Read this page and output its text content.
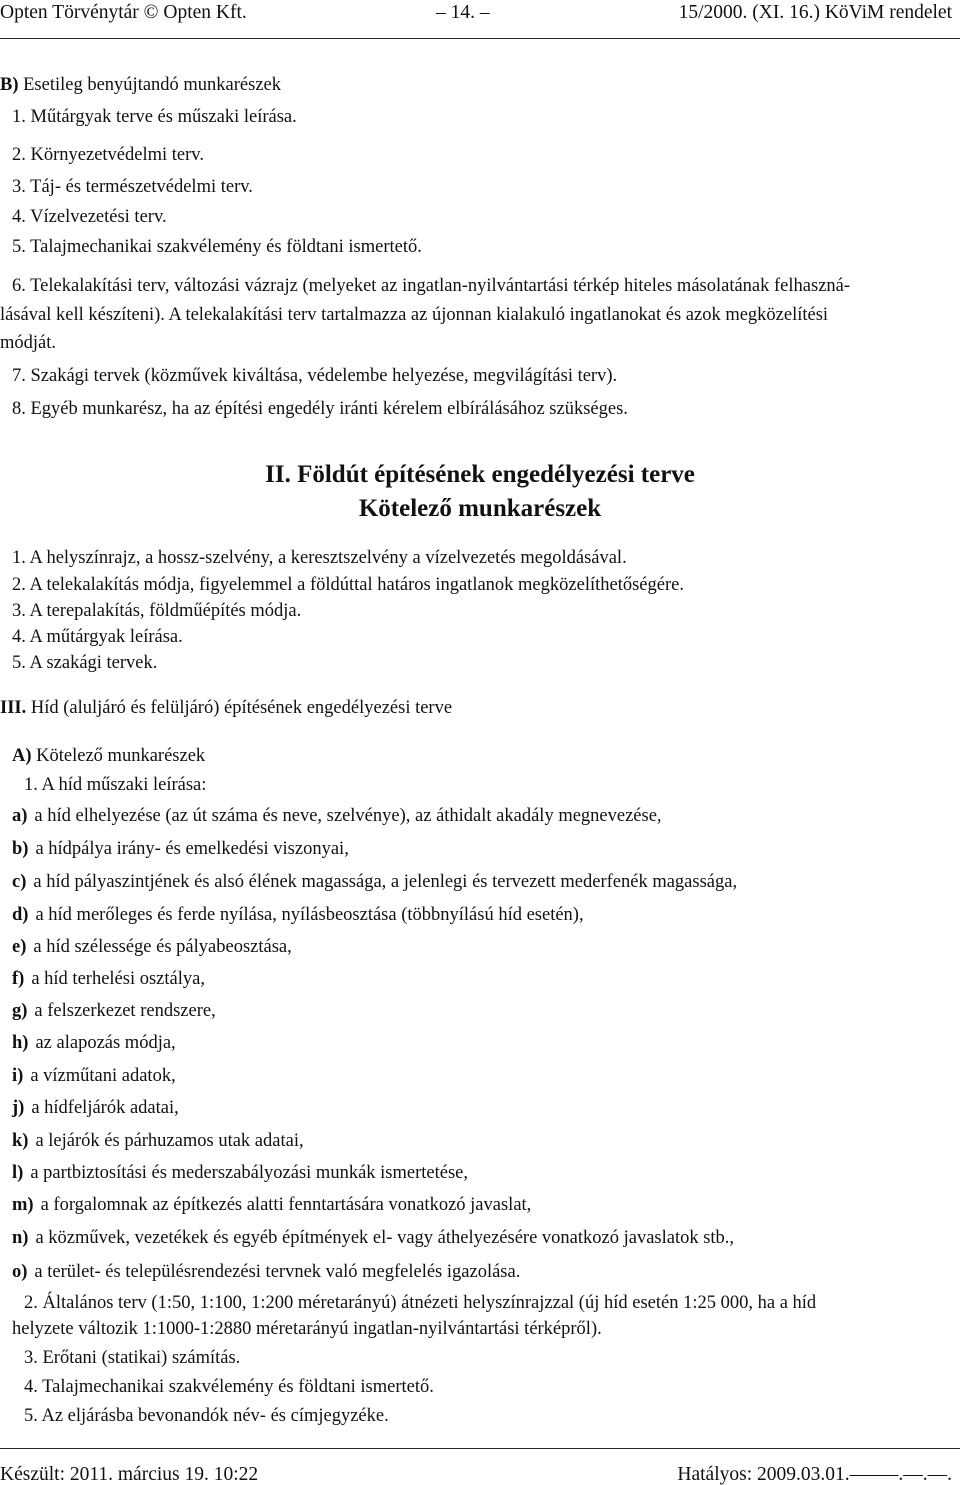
Opten Törvénytár © Opten Kft.	– 14. –	15/2000. (XI. 16.) KöViM rendelet
B) Esetileg benyújtandó munkarészek
1. Műtárgyak terve és műszaki leírása.
2. Környezetvédelmi terv.
3. Táj- és természetvédelmi terv.
4. Vízelvezetési terv.
5. Talajmechanikai szakvélemény és földtani ismertető.
6. Telekalakítási terv, változási vázrajz (melyeket az ingatlan-nyilvántartási térkép hiteles másolatának felhaszná-
lásával kell készíteni). A telekalakítási terv tartalmazza az újonnan kialakuló ingatlanokat és azok megközelítési
módját.
7. Szakági tervek (közművek kiváltása, védelembe helyezése, megvilágítási terv).
8. Egyéb munkarész, ha az építési engedély iránti kérelem elbírálásához szükséges.
II. Földút építésének engedélyezési terve
Kötelező munkarészek
1. A helyszínrajz, a hossz-szelvény, a keresztszelvény a vízelvezetés megoldásával.
2. A telekalakítás módja, figyelemmel a földúttal határos ingatlanok megközelíthetőségére.
3. A terepalakítás, földműépítés módja.
4. A műtárgyak leírása.
5. A szakági tervek.
III. Híd (aluljáró és felüljáró) építésének engedélyezési terve
A) Kötelező munkarészek
1. A híd műszaki leírása:
a) a híd elhelyezése (az út száma és neve, szelvénye), az áthidalt akadály megnevezése,
b) a hídpálya irány- és emelkedési viszonyai,
c) a híd pályaszintjének és alsó élének magassága, a jelenlegi és tervezett mederfenék magassága,
d) a híd merőleges és ferde nyílása, nyílásbeosztása (többnyílású híd esetén),
e) a híd szélessége és pályabeosztása,
f) a híd terhelési osztálya,
g) a felszerkezet rendszere,
h) az alapozás módja,
i) a vízműtani adatok,
j) a hídfeljárók adatai,
k) a lejárók és párhuzamos utak adatai,
l) a partbiztosítási és mederszabályozási munkák ismertetése,
m) a forgalomnak az építkezés alatti fenntartására vonatkozó javaslat,
n) a közművek, vezetékek és egyéb építmények el- vagy áthelyezésére vonatkozó javaslatok stb.,
o) a terület- és településrendezési tervnek való megfelelés igazolása.
2. Általános terv (1:50, 1:100, 1:200 méretarányú) átnézeti helyszínrajzzal (új híd esetén 1:25 000, ha a híd
helyzete változik 1:1000-1:2880 méretarányú ingatlan-nyilvántartási térképről).
3. Erőtani (statikai) számítás.
4. Talajmechanikai szakvélemény és földtani ismertető.
5. Az eljárásba bevonandók név- és címjegyzéke.
Készült: 2011. március 19. 10:22	Hatályos: 2009.03.01.–––––.––.––.
